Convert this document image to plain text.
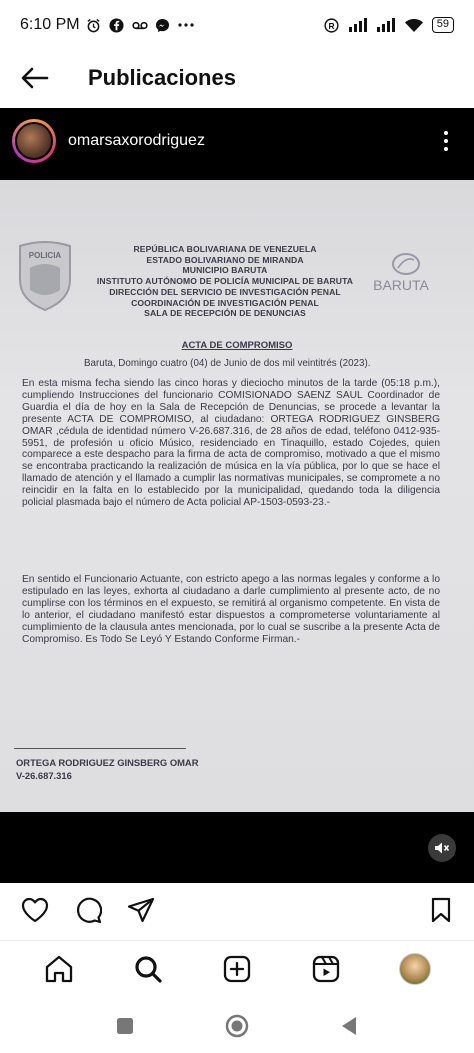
6:10 PM	R	59
Publicaciones
omarsaxorodriguez
POLICIA
BARUTA
REPÚBLICA BOLIVARIANA DE VENEZUELA
ESTADO BOLIVARIANO DE MIRANDA
MUNICIPIO BARUTA
INSTITUTO AUTÓNOMO DE POLICÍA MUNICIPAL DE BARUTA
DIRECCIÓN DEL SERVICIO DE INVESTIGACIÓN PENAL
COORDINACIÓN DE INVESTIGACIÓN PENAL
SALA DE RECEPCIÓN DE DENUNCIAS
ACTA DE COMPROMISO
Baruta, Domingo cuatro (04) de Junio de dos mil veintitrés (2023).
En esta misma fecha siendo las cinco horas y dieciocho minutos de la tarde (05:18 p.m.), cumpliendo Instrucciones del funcionario COMISIONADO SAENZ SAUL Coordinador de Guardia el día de hoy en la Sala de Recepción de Denuncias, se procede a levantar la presente ACTA DE COMPROMISO, al ciudadano: ORTEGA RODRIGUEZ GINSBERG OMAR ,cédula de identidad número V-26.687.316, de 28 años de edad, teléfono 0412-935-5951, de profesión u oficio Músico, residenciado en Tinaquillo, estado Cojedes, quien comparece a este despacho para la firma de acta de compromiso, motivado a que el mismo se encontraba practicando la realización de música en la vía pública, por lo que se hace el llamado de atención y el llamado a cumplir las normativas municipales, se compromete a no reincidir en la falta en lo establecido por la municipalidad, quedando toda la diligencia policial plasmada bajo el número de Acta policial AP-1503-0593-23.-
En sentido el Funcionario Actuante, con estricto apego a las normas legales y conforme a lo estipulado en las leyes, exhorta al ciudadano a darle cumplimiento al presente acto, de no cumplirse con los términos en el expuesto, se remitirá al organismo competente. En vista de lo anterior, el ciudadano manifestó estar dispuestos a comprometerse voluntariamente al cumplimiento de la clausula antes mencionada, por lo cual se suscribe a la presente Acta de Compromiso. Es Todo Se Leyó Y Estando Conforme Firman.-
ORTEGA RODRIGUEZ GINSBERG OMAR
V-26.687.316
